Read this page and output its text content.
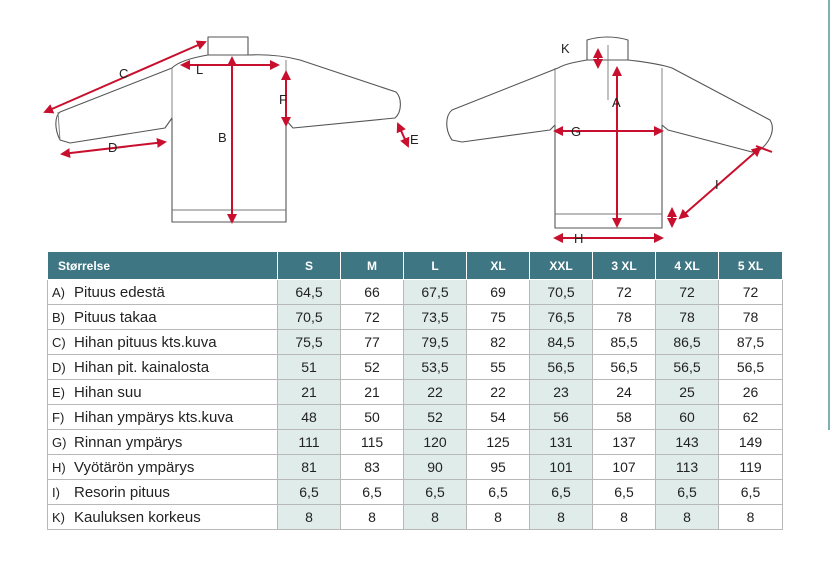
C	L
B
F
D
E
K
A
G
H
I
Størrelse	S	M	L	XL	XXL	3 XL	4 XL	5 XL
A) Pituus edestä	64,5	66	67,5	69	70,5	72	72	72
B) Pituus takaa	70,5	72	73,5	75	76,5	78	78	78
C) Hihan pituus kts.kuva	75,5	77	79,5	82	84,5	85,5	86,5	87,5
D) Hihan pit. kainalosta	51	52	53,5	55	56,5	56,5	56,5	56,5
E) Hihan suu	21	21	22	22	23	24	25	26
F) Hihan ympärys kts.kuva	48	50	52	54	56	58	60	62
G) Rinnan ympärys	111	115	120	125	131	137	143	149
H) Vyötärön ympärys	81	83	90	95	101	107	113	119
I) Resorin pituus	6,5	6,5	6,5	6,5	6,5	6,5	6,5	6,5
K) Kauluksen korkeus	8	8	8	8	8	8	8	8
